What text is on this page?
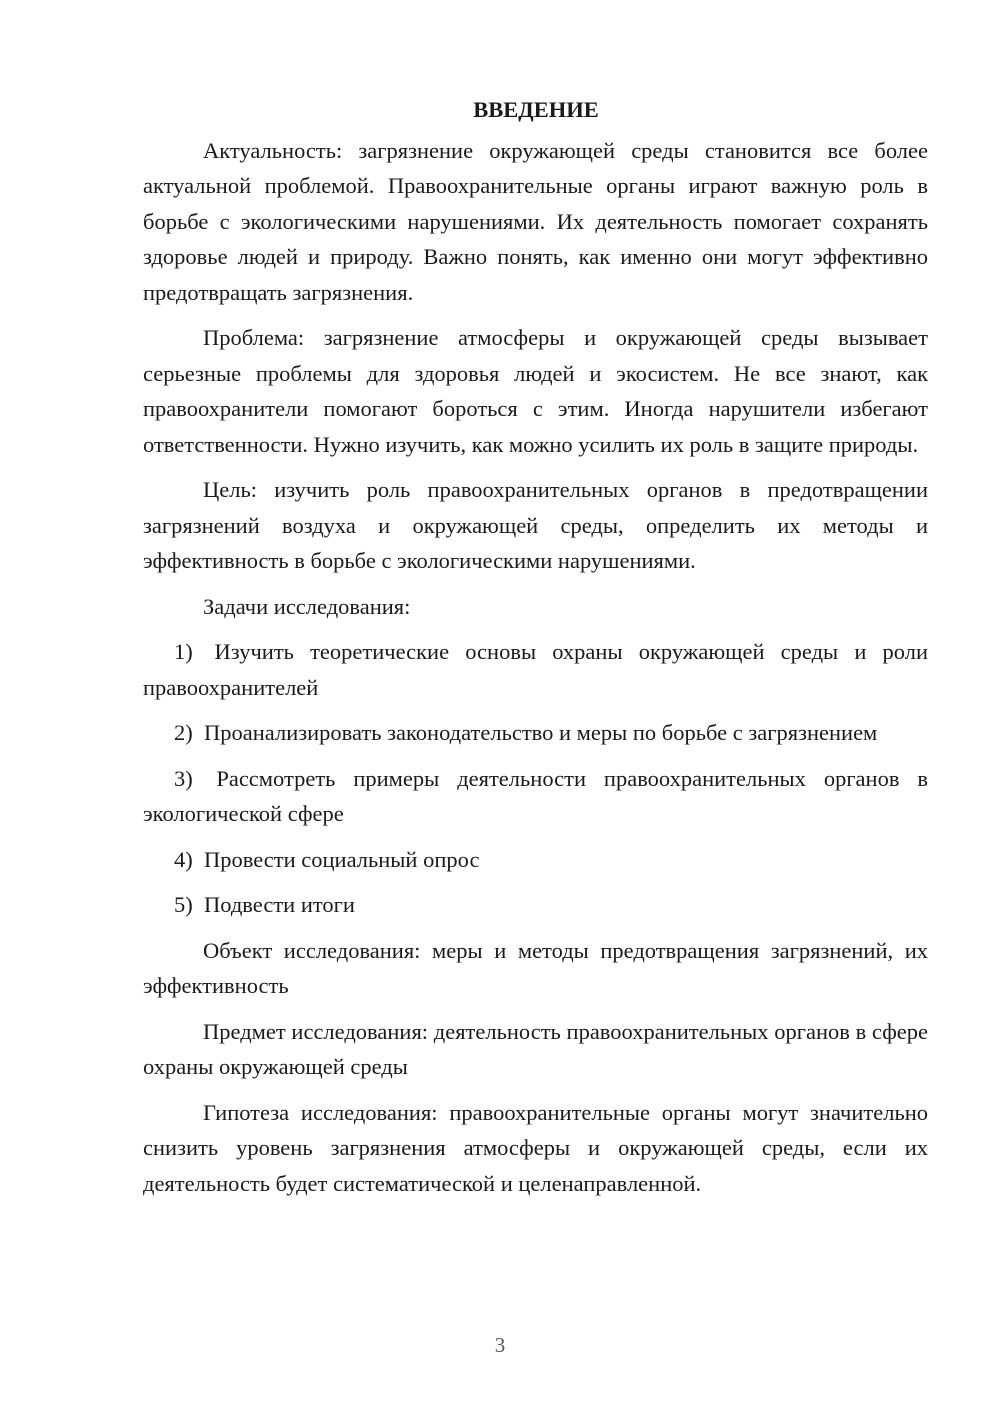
ВВЕДЕНИЕ

Актуальность: загрязнение окружающей среды становится все более актуальной проблемой. Правоохранительные органы играют важную роль в борьбе с экологическими нарушениями. Их деятельность помогает сохранять здоровье людей и природу. Важно понять, как именно они могут эффективно предотвращать загрязнения.

Проблема: загрязнение атмосферы и окружающей среды вызывает серьезные проблемы для здоровья людей и экосистем. Не все знают, как правоохранители помогают бороться с этим. Иногда нарушители избегают ответственности. Нужно изучить, как можно усилить их роль в защите природы.

Цель: изучить роль правоохранительных органов в предотвращении загрязнений воздуха и окружающей среды, определить их методы и эффективность в борьбе с экологическими нарушениями.

Задачи исследования:

1) Изучить теоретические основы охраны окружающей среды и роли правоохранителей

2) Проанализировать законодательство и меры по борьбе с загрязнением

3) Рассмотреть примеры деятельности правоохранительных органов в экологической сфере

4) Провести социальный опрос

5) Подвести итоги

Объект исследования: меры и методы предотвращения загрязнений, их эффективность

Предмет исследования: деятельность правоохранительных органов в сфере охраны окружающей среды

Гипотеза исследования: правоохранительные органы могут значительно снизить уровень загрязнения атмосферы и окружающей среды, если их деятельность будет систематической и целенаправленной.

3
